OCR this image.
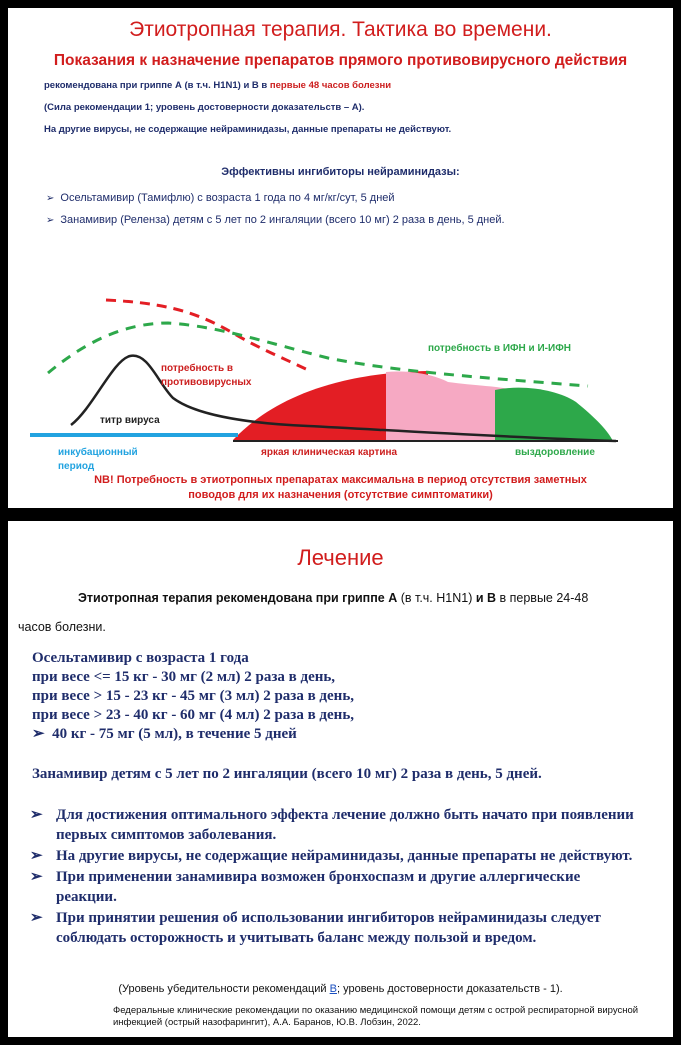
Этиотропная терапия. Тактика во времени.
Показания к назначение препаратов прямого противовирусного действия
рекомендована при гриппе А (в т.ч. H1N1) и В в первые 48 часов болезни
(Сила рекомендации 1; уровень достоверности доказательств – А).
На другие вирусы, не содержащие нейраминидазы, данные препараты не действуют.
Эффективны ингибиторы нейраминидазы:
➢ Осельтамивир (Тамифлю) с возраста 1 года по 4 мг/кг/сут, 5 дней
➢ Занамивир (Реленза) детям с 5 лет по 2 ингаляции (всего 10 мг) 2 раза в день, 5 дней.
потребность в
противовирусных
потребность в ИФН и И-ИФН
титр вируса
инкубационный
период
яркая клиническая картина	выздоровление
NB! Потребность в этиотропных препаратах максимальна в период отсутствия заметных
поводов для их назначения (отсутствие симптоматики)
Лечение
Этиотропная терапия рекомендована при гриппе А (в т.ч. H1N1) и В в первые 24-48
часов болезни.
Осельтамивир с возраста 1 года
при весе <= 15 кг - 30 мг (2 мл) 2 раза в день,
при весе > 15 - 23 кг - 45 мг (3 мл) 2 раза в день,
при весе > 23 - 40 кг - 60 мг (4 мл) 2 раза в день,
➢ 40 кг - 75 мг (5 мл), в течение 5 дней
Занамивир детям с 5 лет по 2 ингаляции (всего 10 мг) 2 раза в день, 5 дней.
➢ Для достижения оптимального эффекта лечение должно быть начато при появлении первых симптомов заболевания.
➢ На другие вирусы, не содержащие нейраминидазы, данные препараты не действуют.
➢ При применении занамивира возможен бронхоспазм и другие аллергические реакции.
➢ При принятии решения об использовании ингибиторов нейраминидазы следует соблюдать осторожность и учитывать баланс между пользой и вредом.
(Уровень убедительности рекомендаций В; уровень достоверности доказательств - 1).
Федеральные клинические рекомендации по оказанию медицинской помощи детям с острой респираторной вирусной инфекцией (острый назофарингит), А.А. Баранов, Ю.В. Лобзин, 2022.
